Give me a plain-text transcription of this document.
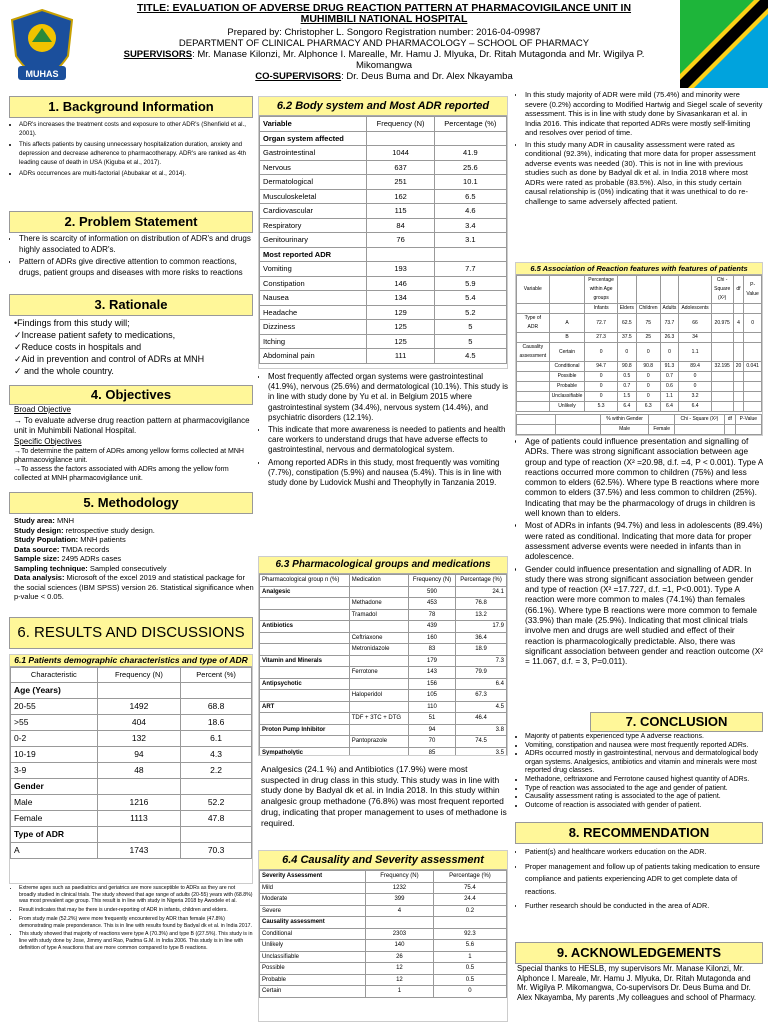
TITLE: EVALUATION OF ADVERSE DRUG REACTION PATTERN AT PHARMACOVIGILANCE UNIT IN MUHIMBILI NATIONAL HOSPITAL
Prepared by: Christopher L. Songoro Registration number: 2016-04-09987
DEPARTMENT OF CLINICAL PHARMACY AND PHARMACOLOGY – SCHOOL OF PHARMACY
SUPERVISORS: Mr. Manase Kilonzi, Mr. Alphonce I. Marealle, Mr. Hamu J. Mlyuka, Dr. Ritah Mutagonda and Mr. Wigilya P. Mikomangwa
CO-SUPERVISORS: Dr. Deus Buma and Dr. Alex Nkayamba
MUHAS
1. Background Information
• ADR's increases the treatment costs and exposure to other ADR's (Shenfield et al., 2001).
• This affects patients by causing unnecessary hospitalization duration, anxiety and depression and decrease adherence to pharmacotherapy. ADR's are ranked as 4th leading cause of death in USA (Kiguba et al., 2017).
• ADRs occurrences are multi-factorial (Abubakar et al., 2014).
2. Problem Statement
• There is scarcity of information on distribution of ADR's and drugs highly associated to ADR's.
• Pattern of ADRs give directive attention to common reactions, drugs, patient groups and diseases with more risks to reactions
3. Rationale
•Findings from this study will;
✓Increase patient safety to medications,
✓Reduce costs in hospitals and
✓Aid in prevention and control of ADRs at MNH
✓ and the whole country.
4. Objectives
Broad Objective
→ To evaluate adverse drug reaction pattern at pharmacovigilance unit in Muhimbili National Hospital.
Specific Objectives
→To determine the pattern of ADRs among yellow forms collected at MNH pharmacovigilance unit.
→To assess the factors associated with ADRs among the yellow form collected at MNH pharmacovigilance unit.
5. Methodology
Study area: MNH
Study design: retrospective study design.
Study Population: MNH patients
Data source: TMDA records
Sample size: 2495 ADRs cases
Sampling technique: Sampled consecutively
Data analysis: Microsoft of the excel 2019 and statistical package for the social sciences (IBM SPSS) version 26. Statistical significance when p-value < 0.05.
6. RESULTS AND DISCUSSIONS
6.1 Patients demographic characteristics and type of ADR
Characteristic	Frequency (N)	Percent (%)
Age (Years)		
20-55	1492	68.8
>55	404	18.6
0-2	132	6.1
10-19	94	4.3
3-9	48	2.2
Gender		
Male	1216	52.2
Female	1113	47.8
Type of ADR		
A	1743	70.3
• Extreme ages such as paediatrics and geriatrics are more susceptible to ADRs as they are not broadly studied in clinical trials. The study showed that age range of adults (20-55) years with (68.8%) was most prevalent age group. This result is in line with study in Nigeria 2018 by Awodele et al.
• Result indicates that may be there is under-reporting of ADR in infants, children and elders.
• From study male (52.2%) were more frequently encountered by ADR than female (47.8%) demonstrating male preponderance. This is in line with results found by Badyal dk et al. in India 2017.
• This study showed that majority of reactions were type A (70.3%) and type B ((27.5%). This study is in line with study done by Jose, Jimmy and Rao, Padma G.M. in India 2006. This study is in line with definition of type A reactions that are more common compared to type B reactions.
6.2 Body system and Most ADR reported
Variable	Frequency (N)	Percentage (%)
Organ system affected		
Gastrointestinal	1044	41.9
Nervous	637	25.6
Dermatological	251	10.1
Musculoskeletal	162	6.5
Cardiovascular	115	4.6
Respiratory	84	3.4
Genitourinary	76	3.1
Most reported ADR		
Vomiting	193	7.7
Constipation	146	5.9
Nausea	134	5.4
Headache	129	5.2
Dizziness	125	5
Itching	125	5
Abdominal pain	111	4.5
• Most frequently affected organ systems were gastrointestinal (41.9%), nervous (25.6%) and dermatological (10.1%). This study is in line with study done by Yu et al. in Belgium 2015 where gastrointestinal system (34.4%), nervous system (14.4%), and psychiatric disorders (12.1%).
• This indicate that more awareness is needed to patients and health care workers to understand drugs that have adverse effects to gastrointestinal, nervous and dermatological system.
• Among reported ADRs in this study, most frequently was vomiting (7.7%), constipation (5.9%) and nausea (5.4%). This is in line with study done by Ludovick Mushi and Theophylly in Tanzania 2019.
6.3 Pharmacological groups and medications
Pharmacological group n (%)	Medication	Frequency (N)	Percentage (%)
Analgesic		590	24.1
	Methadone	453	76.8
	Tramadol	78	13.2
Antibiotics		439	17.9
	Ceftriaxone	160	36.4
	Metronidazole	83	18.9
Vitamin and Minerals		179	7.3
	Ferrotone	143	79.9
Antipsychotic		156	6.4
	Haloperidol	105	67.3
ART		110	4.5
	TDF + 3TC + DTG	51	46.4
Proton Pump Inhibitor		94	3.8
	Pantoprazole	70	74.5
Sympatholytic		85	3.5

Analgesics (24.1 %) and Antibiotics (17.9%) were most suspected in drug class in this study. This study was in line with study done by Badyal dk et al. in India 2018. In this study within analgesic group methadone (76.8%) was most frequent reported drug, indicating that proper management to uses of methadone is required.
6.4 Causality and Severity assessment
Severity Assessment	Frequency (N)	Percentage (%)
Mild	1232	75.4
Moderate	399	24.4
Severe	4	0.2
Causality assessment		
Conditional	2303	92.3
Unlikely	140	5.6
Unclassifiable	26	1
Possible	12	0.5
Probable	12	0.5
Certain	1	0
• In this study majority of ADR were mild (75.4%) and minority were severe (0.2%) according to Modified Hartwig and Siegel scale of severity assessment. This is in line with study done by Sivasankaran et al. in India 2016. This indicate that reported ADRs were mostly self-limiting and resolves over period of time.
• In this study many ADR in causality assessment were rated as conditional (92.3%), indicating that more data for proper assessment adverse events was needed (30). This is not in line with previous studies such as done by Badyal dk et al. in India 2018 where most ADRs were rated as probable (83.5%). Also, in this study certain causal relationship is (0%) indicating that it was unethical to do re-challenge to same adversely affected patient.
6.5 Association of Reaction features with features of patients
Variable		Percentage within Age groups					Chi - Square (X²)	df	P-Value
		Infants	Elders	Children	Adults	Adolescents			
Type of ADR	A	72.7	62.5	75	73.7	66	20.975	4	0
	B	27.3	37.5	25	26.3	34			
Causality assessment	Certain	0	0	0	0	1.1			
	Conditional	94.7	90.8	90.8	91.3	89.4	32.195	20	0.041
	Possible	0	0.5	0	0.7	0			
	Probable	0	0.7	0	0.6	0			
	Unclassifiable	0	1.5	0	1.1	3.2			
	Unlikely	5.3	6.4	6.3	6.4	6.4			
		% within Gender		Chi - Square (X²)	df	P-Value
		Male	Female			

• Age of patients could influence presentation and signalling of ADRs. There was strong significant association between age group and type of reaction (X² =20.98, d.f. =4, P < 0.001). Type A reactions occurred more common to children (75%) and less common to elders (62.5%). Where type B reactions where more common to elders (37.5%) and less common to children (25%). Indicating that may be the pharmacology of drugs in children is well known than to elders.
• Most of ADRs in infants (94.7%) and less in adolescents (89.4%) were rated as conditional. Indicating that more data for proper assessment adverse events were needed in infants than in adolescence.
• Gender could influence presentation and signalling of ADR. In study there was strong significant association between gender and type of reaction (X² =17.727, d.f. =1, P<0.001). Type A reaction were more common to males (74.1%) than females (66.1%). Where type B reactions were more common to female (33.9%) than male (25.9%). Indicating that most clinical trials involve men and drugs are well studied and effect of their reaction is pharmacologically predictable. Also, there was significant association between gender and reaction outcome (X² = 11.067, d.f. = 3, P=0.011).
7. CONCLUSION
• Majority of patients experienced type A adverse reactions.
• Vomiting, constipation and nausea were most frequently reported ADRs.
• ADRs occurred mostly in gastrointestinal, nervous and dermatological body organ systems. Analgesics, antibiotics and vitamin and minerals were most reported drug classes.
• Methadone, ceftriaxone and Ferrotone caused highest quantity of ADRs.
• Type of reaction was associated to the age and gender of patient.
• Causality assessment rating is associated to the age of patient.
• Outcome of reaction is associated with gender of patient.
8. RECOMMENDATION
• Patient(s) and healthcare workers education on the ADR.
• Proper management and follow up of patients taking medication to ensure compliance and patients experiencing ADR to get complete data of reactions.
• Further research should be conducted in the area of ADR.
9. ACKNOWLEDGEMENTS
Special thanks to HESLB, my supervisors Mr. Manase Kilonzi, Mr. Alphonce I. Mareale, Mr. Hamu J. Mlyuka, Dr. Ritah Mutagonda and Mr. Wigilya P. Mikomangwa, Co-supervisors Dr. Deus Buma and Dr. Alex Nkayamba, My parents ,My colleagues and school of Pharmacy.
